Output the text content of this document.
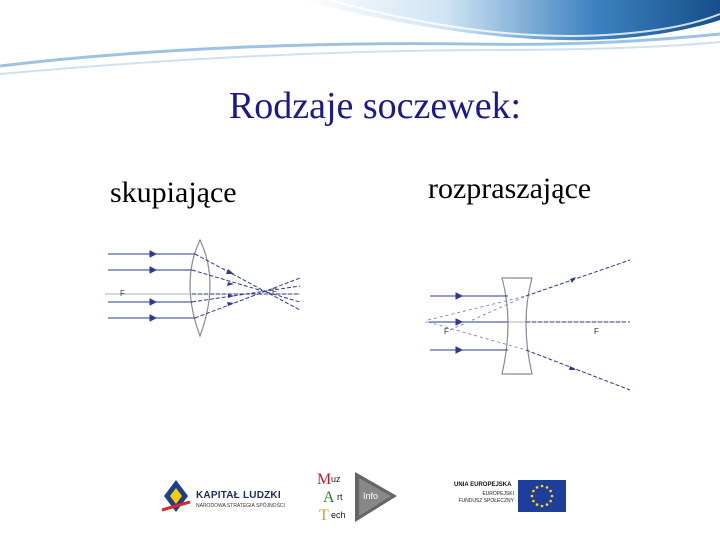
Rodzaje soczewek:
skupiające	rozpraszające
F	F
F	F
KAPITAŁ LUDZKI
NARODOWA STRATEGIA SPÓJNOŚCI
Info
M uz
A rt
T ech
UNIA EUROPEJSKA
EUROPEJSKI
FUNDUSZ SPOŁECZNY
